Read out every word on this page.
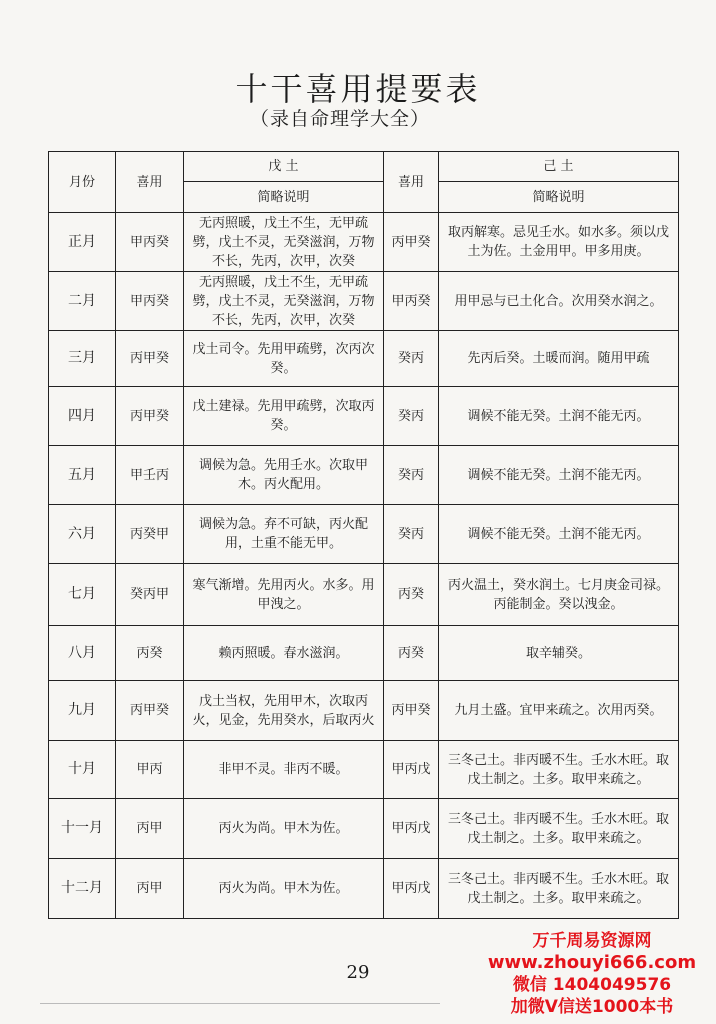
十干喜用提要表
（录自命理学大全）
月份	喜用	戊 土	喜用	己 土
		简略说明		简略说明
正月	甲丙癸	无丙照暖，戊土不生，无甲疏劈，戊土不灵，无癸滋润，万物不长，先丙，次甲，次癸	丙甲癸	取丙解寒。忌见壬水。如水多。须以戊土为佐。土金用甲。甲多用庚。
二月	甲丙癸	无丙照暖，戊土不生，无甲疏劈，戊土不灵，无癸滋润，万物不长，先丙，次甲，次癸	甲丙癸	用甲忌与已土化合。次用癸水润之。
三月	丙甲癸	戊土司令。先用甲疏劈，次丙次癸。	癸丙	先丙后癸。土暖而润。随用甲疏
四月	丙甲癸	戊土建禄。先用甲疏劈，次取丙癸。	癸丙	调候不能无癸。土润不能无丙。
五月	甲壬丙	调候为急。先用壬水。次取甲木。丙火配用。	癸丙	调候不能无癸。土润不能无丙。
六月	丙癸甲	调候为急。弃不可缺，丙火配用，土重不能无甲。	癸丙	调候不能无癸。土润不能无丙。
七月	癸丙甲	寒气渐增。先用丙火。水多。用甲洩之。	丙癸	丙火温土，癸水润土。七月庚金司禄。丙能制金。癸以洩金。
八月	丙癸	赖丙照暖。春水滋润。	丙癸	取辛辅癸。
九月	丙甲癸	戊土当权，先用甲木，次取丙火，见金，先用癸水，后取丙火	丙甲癸	九月土盛。宜甲来疏之。次用丙癸。
十月	甲丙	非甲不灵。非丙不暖。	甲丙戊	三冬己土。非丙暖不生。壬水木旺。取戊土制之。土多。取甲来疏之。
十一月	丙甲	丙火为尚。甲木为佐。	甲丙戊	三冬己土。非丙暖不生。壬水木旺。取戊土制之。土多。取甲来疏之。
十二月	丙甲	丙火为尚。甲木为佐。	甲丙戊	三冬己土。非丙暖不生。壬水木旺。取戊土制之。土多。取甲来疏之。
29
万千周易资源网
www.zhouyi666.com
微信 1404049576
加微V信送1000本书
